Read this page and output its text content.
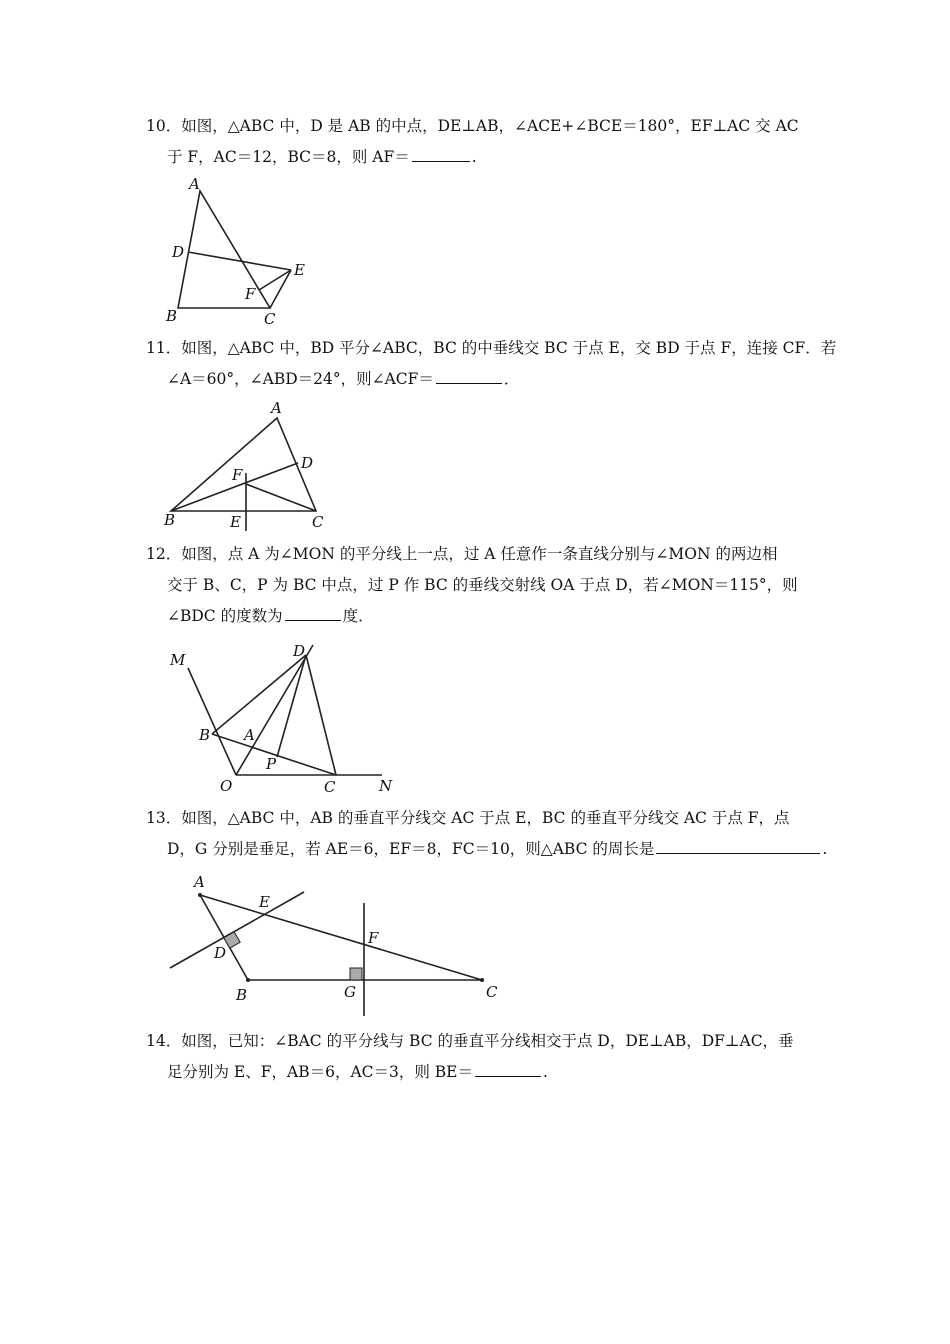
10．如图，△ABC 中，D 是 AB 的中点，DE⊥AB，∠ACE+∠BCE＝180°，EF⊥AC 交 AC

于 F，AC＝12，BC＝8，则 AF＝	.

A
D
E
F
B	C

11．如图，△ABC 中，BD 平分∠ABC，BC 的中垂线交 BC 于点 E，交 BD 于点 F，连接 CF．若

∠A＝60°，∠ABD＝24°，则∠ACF＝	．

A
D
F
B	E	C

12．如图，点 A 为∠MON 的平分线上一点，过 A 任意作一条直线分别与∠MON 的两边相

交于 B、C，P 为 BC 中点，过 P 作 BC 的垂线交射线 OA 于点 D，若∠MON＝115°，则

∠BDC 的度数为	度．

M	D
B A
P
O	C	N

13．如图，△ABC 中，AB 的垂直平分线交 AC 于点 E，BC 的垂直平分线交 AC 于点 F，点

D，G 分别是垂足，若 AE＝6，EF＝8，FC＝10，则△ABC 的周长是	.

A
E
F
D
B	G	C

14．如图，已知：∠BAC 的平分线与 BC 的垂直平分线相交于点 D，DE⊥AB，DF⊥AC，垂

足分别为 E、F，AB＝6，AC＝3，则 BE＝	.
